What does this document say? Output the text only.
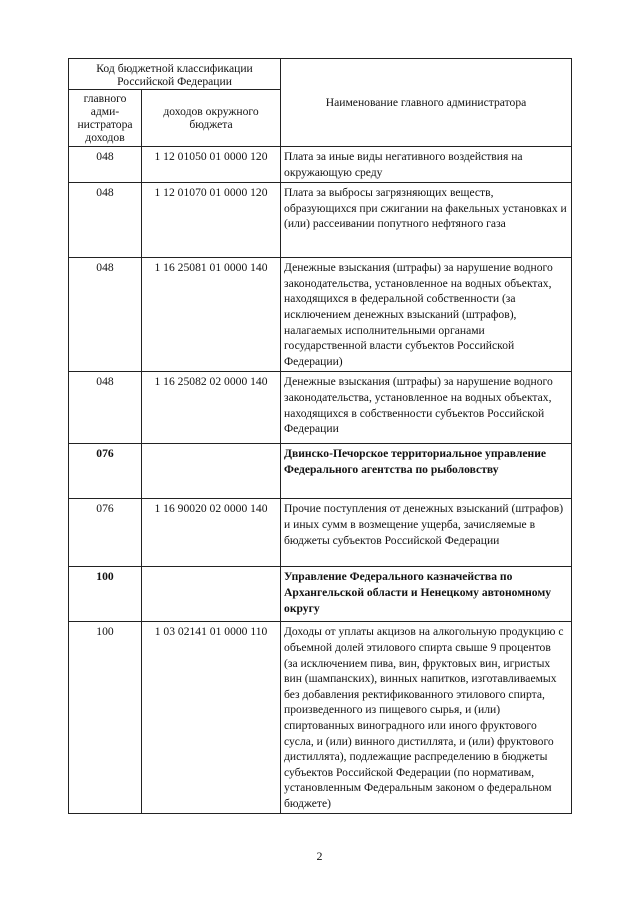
Код бюджетной классификации Российской Федерации		Наименование главного администратора
главного адми-нистратора доходов	доходов окружного бюджета	
048	1 12 01050 01 0000 120	Плата за иные виды негативного воздействия на окружающую среду
048	1 12 01070 01 0000 120	Плата за выбросы загрязняющих веществ, образующихся при сжигании на факельных установках и (или) рассеивании попутного нефтяного газа
048	1 16 25081 01 0000 140	Денежные взыскания (штрафы) за нарушение водного законодательства, установленное на водных объектах, находящихся в федеральной собственности (за исключением денежных взысканий (штрафов), налагаемых исполнительными органами государственной власти субъектов Российской Федерации)
048	1 16 25082 02 0000 140	Денежные взыскания (штрафы) за нарушение водного законодательства, установленное на водных объектах, находящихся в собственности субъектов Российской Федерации
076		Двинско-Печорское территориальное управление Федерального агентства по рыболовству
076	1 16 90020 02 0000 140	Прочие поступления от денежных взысканий (штрафов) и иных сумм в возмещение ущерба, зачисляемые в бюджеты субъектов Российской Федерации
100		Управление Федерального казначейства по Архангельской области и Ненецкому автономному округу
100	1 03 02141 01 0000 110	Доходы от уплаты акцизов на алкогольную продукцию с объемной долей этилового спирта свыше 9 процентов (за исключением пива, вин, фруктовых вин, игристых вин (шампанских), винных напитков, изготавливаемых без добавления ректификованного этилового спирта, произведенного из пищевого сырья, и (или) спиртованных виноградного или иного фруктового сусла, и (или) винного дистиллята, и (или) фруктового дистиллята), подлежащие распределению в бюджеты субъектов Российской Федерации (по нормативам, установленным Федеральным законом о федеральном бюджете)
2
